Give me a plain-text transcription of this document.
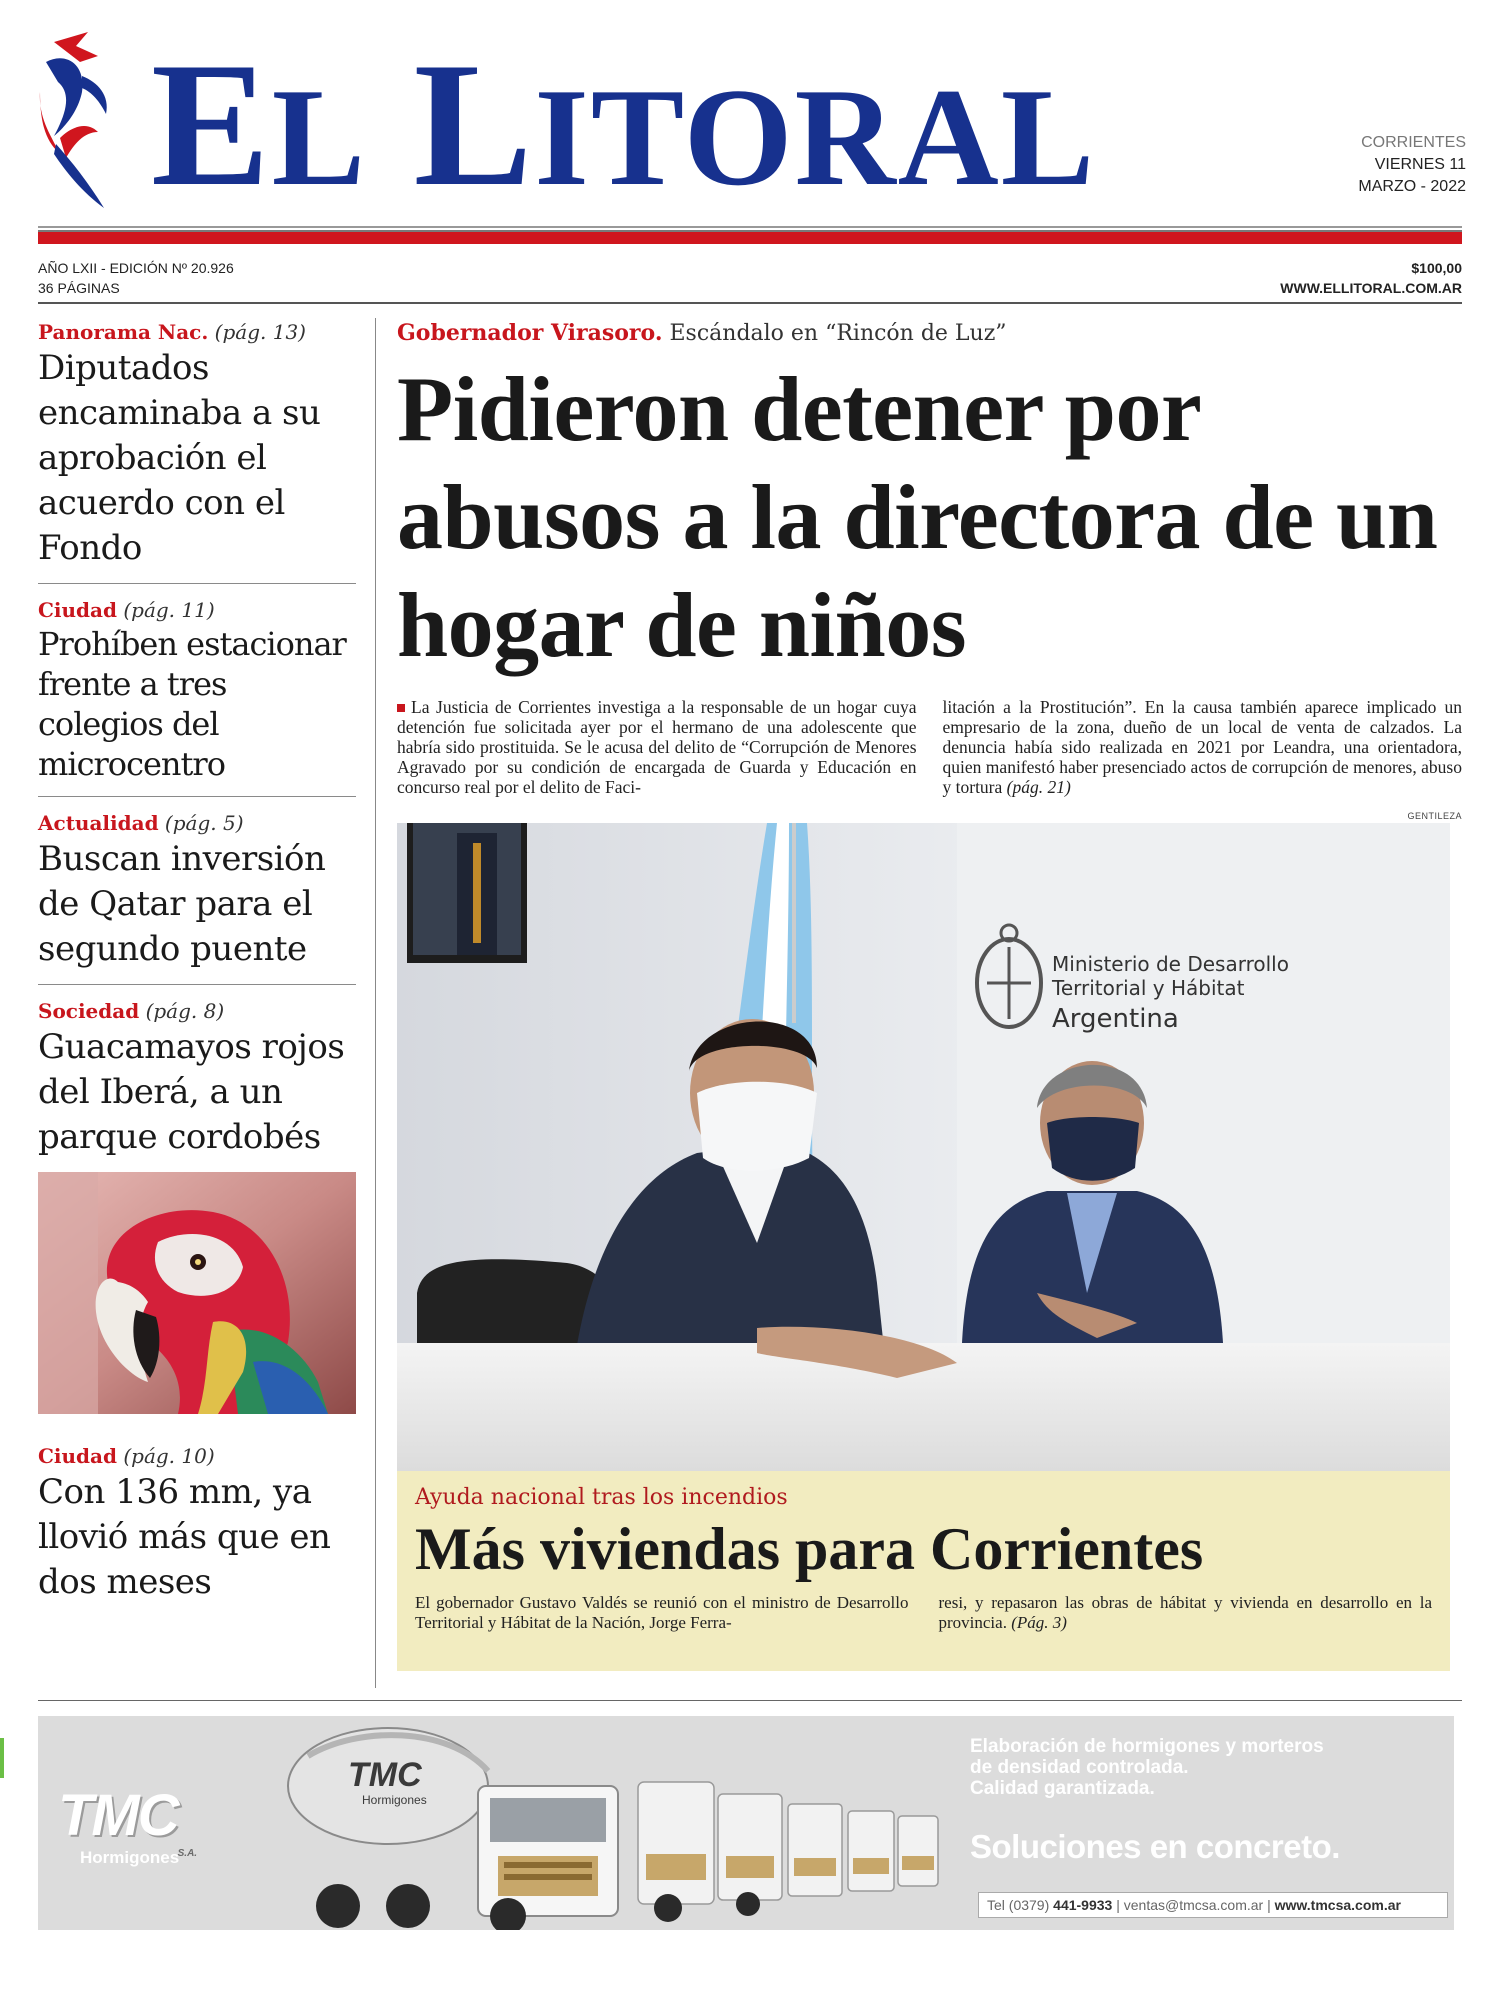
EL LITORAL	CORRIENTES
VIERNES 11
MARZO - 2022
AÑO LXII - EDICIÓN Nº 20.926
36 PÁGINAS
$100,00
WWW.ELLITORAL.COM.AR
Panorama Nac. (pág. 13)
Diputados encaminaba a su aprobación el acuerdo con el Fondo
Ciudad (pág. 11)
Prohíben estacionar frente a tres colegios del microcentro
Actualidad (pág. 5)
Buscan inversión de Qatar para el segundo puente
Sociedad (pág. 8)
Guacamayos rojos del Iberá, a un parque cordobés
Ciudad (pág. 10)
Con 136 mm, ya llovió más que en dos meses
Gobernador Virasoro. Escándalo en “Rincón de Luz”
Pidieron detener por abusos a la directora de un hogar de niños
La Justicia de Corrientes investiga a la responsable de un hogar cuya detención fue solicitada ayer por el hermano de una adolescente que habría sido prostituida. Se le acusa del delito de “Corrupción de Menores Agravado por su condición de encargada de Guarda y Educación en concurso real por el delito de Faci-
litación a la Prostitución”. En la causa también aparece implicado un empresario de la zona, dueño de un local de venta de calzados. La denuncia había sido realizada en 2021 por Leandra, una orientadora, quien manifestó haber presenciado actos de corrupción de menores, abuso y tortura (pág. 21)
GENTILEZA
Ministerio de Desarrollo
Territorial y Hábitat
Argentina
Ayuda nacional tras los incendios
Más viviendas para Corrientes
El gobernador Gustavo Valdés se reunió con el ministro de Desarrollo Territorial y Hábitat de la Nación, Jorge Ferra-
resi, y repasaron las obras de hábitat y vivienda en desarrollo en la provincia. (Pág. 3)
$TMC^{S.A.}$
Hormigones
TMC
Hormigones
Elaboración de hormigones y morteros
de densidad controlada.
Calidad garantizada.
Soluciones en concreto.
Tel (0379) 441-9933 | ventas@tmcsa.com.ar | www.tmcsa.com.ar
